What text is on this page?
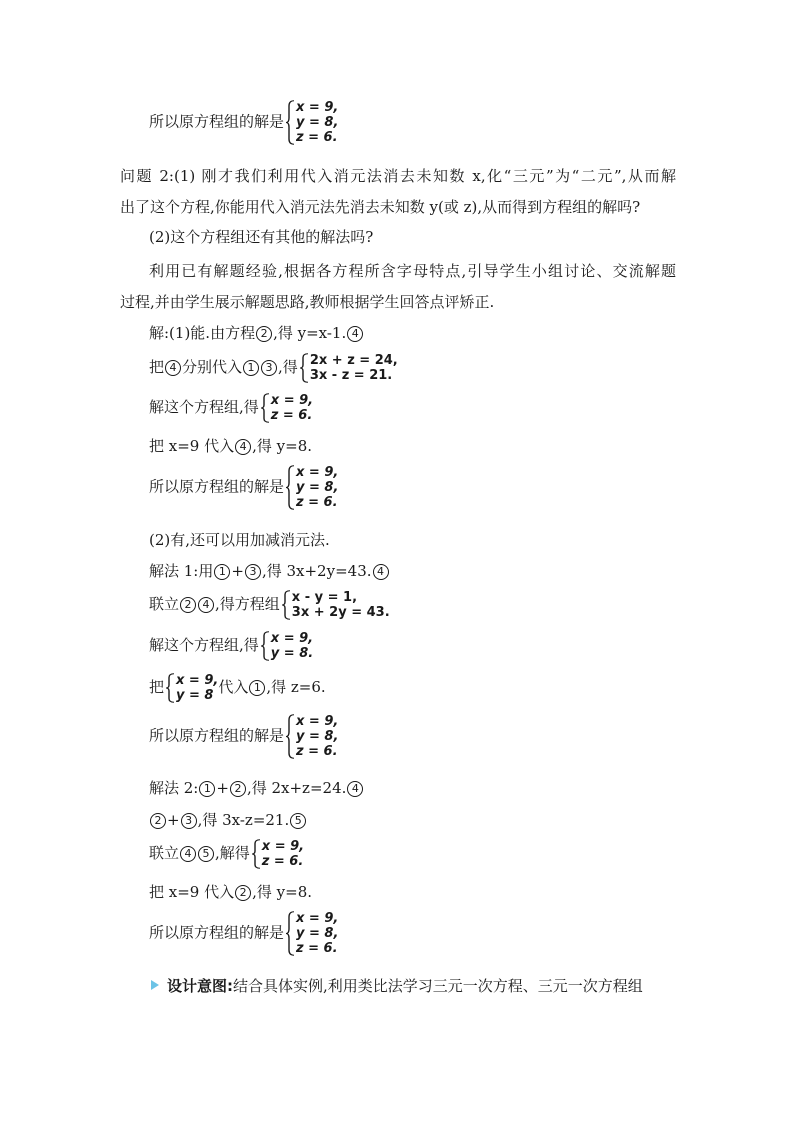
所以原方程组的解是
x = 9,
y = 8,
z = 6.
问题 2:(1) 刚才我们利用代入消元法消去未知数 x,化“三元”为“二元”,从而解
出了这个方程,你能用代入消元法先消去未知数 y(或 z),从而得到方程组的解吗?
(2)这个方程组还有其他的解法吗?
利用已有解题经验,根据各方程所含字母特点,引导学生小组讨论、交流解题
过程,并由学生展示解题思路,教师根据学生回答点评矫正.
解:(1)能.由方程 2 ,得 y=x-1. 4
把 4 分别代入 1 3 ,得 2x + z = 24,
3x - z = 21.
解这个方程组,得 x = 9,
z = 6.
把 x=9 代入 4 ,得 y=8.
所以原方程组的解是
x = 9,
y = 8,
z = 6.
(2)有,还可以用加减消元法.
解法 1:用 1 + 3 ,得 3x+2y=43. 4
联立 2 4 ,得方程组 x - y = 1,
3x + 2y = 43.
解这个方程组,得 x = 9,
y = 8.
把 x = 9,
y = 8 代入 1 ,得 z=6.
所以原方程组的解是
x = 9,
y = 8,
z = 6.
解法 2: 1 + 2 ,得 2x+z=24. 4
2 + 3 ,得 3x-z=21. 5
联立 4 5 ,解得 x = 9,
z = 6.
把 x=9 代入 2 ,得 y=8.
所以原方程组的解是
x = 9,
y = 8,
z = 6.
设计意图:结合具体实例,利用类比法学习三元一次方程、三元一次方程组
